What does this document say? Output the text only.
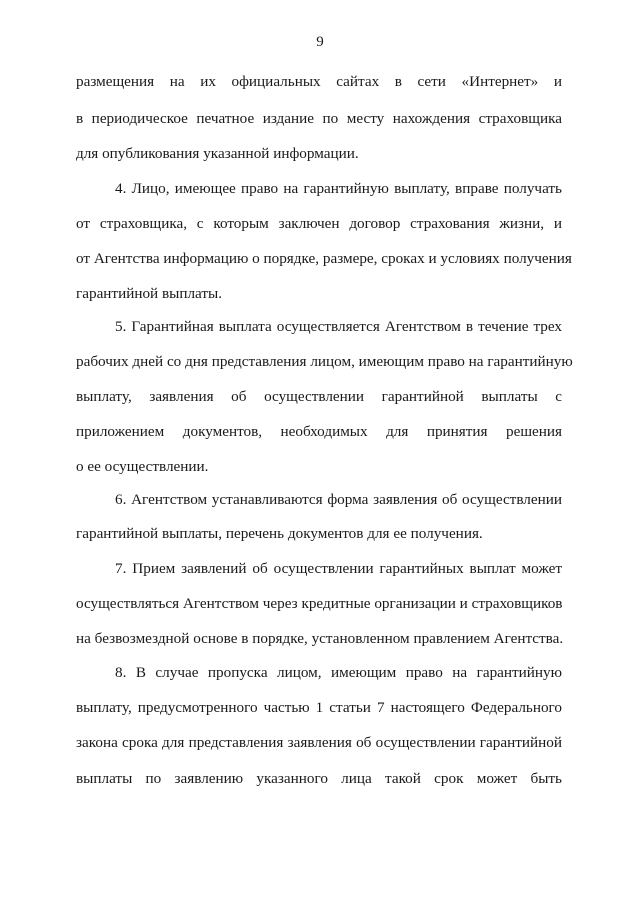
9
размещения на их официальных сайтах в сети «Интернет» и
в периодическое печатное издание по месту нахождения страховщика
для опубликования указанной информации.
4. Лицо, имеющее право на гарантийную выплату, вправе получать
от страховщика, с которым заключен договор страхования жизни, и
от Агентства информацию о порядке, размере, сроках и условиях получения
гарантийной выплаты.
5. Гарантийная выплата осуществляется Агентством в течение трех
рабочих дней со дня представления лицом, имеющим право на гарантийную
выплату, заявления об осуществлении гарантийной выплаты с
приложением документов, необходимых для принятия решения
о ее осуществлении.
6. Агентством устанавливаются форма заявления об осуществлении
гарантийной выплаты, перечень документов для ее получения.
7. Прием заявлений об осуществлении гарантийных выплат может
осуществляться Агентством через кредитные организации и страховщиков
на безвозмездной основе в порядке, установленном правлением Агентства.
8. В случае пропуска лицом, имеющим право на гарантийную
выплату, предусмотренного частью 1 статьи 7 настоящего Федерального
закона срока для представления заявления об осуществлении гарантийной
выплаты по заявлению указанного лица такой срок может быть
